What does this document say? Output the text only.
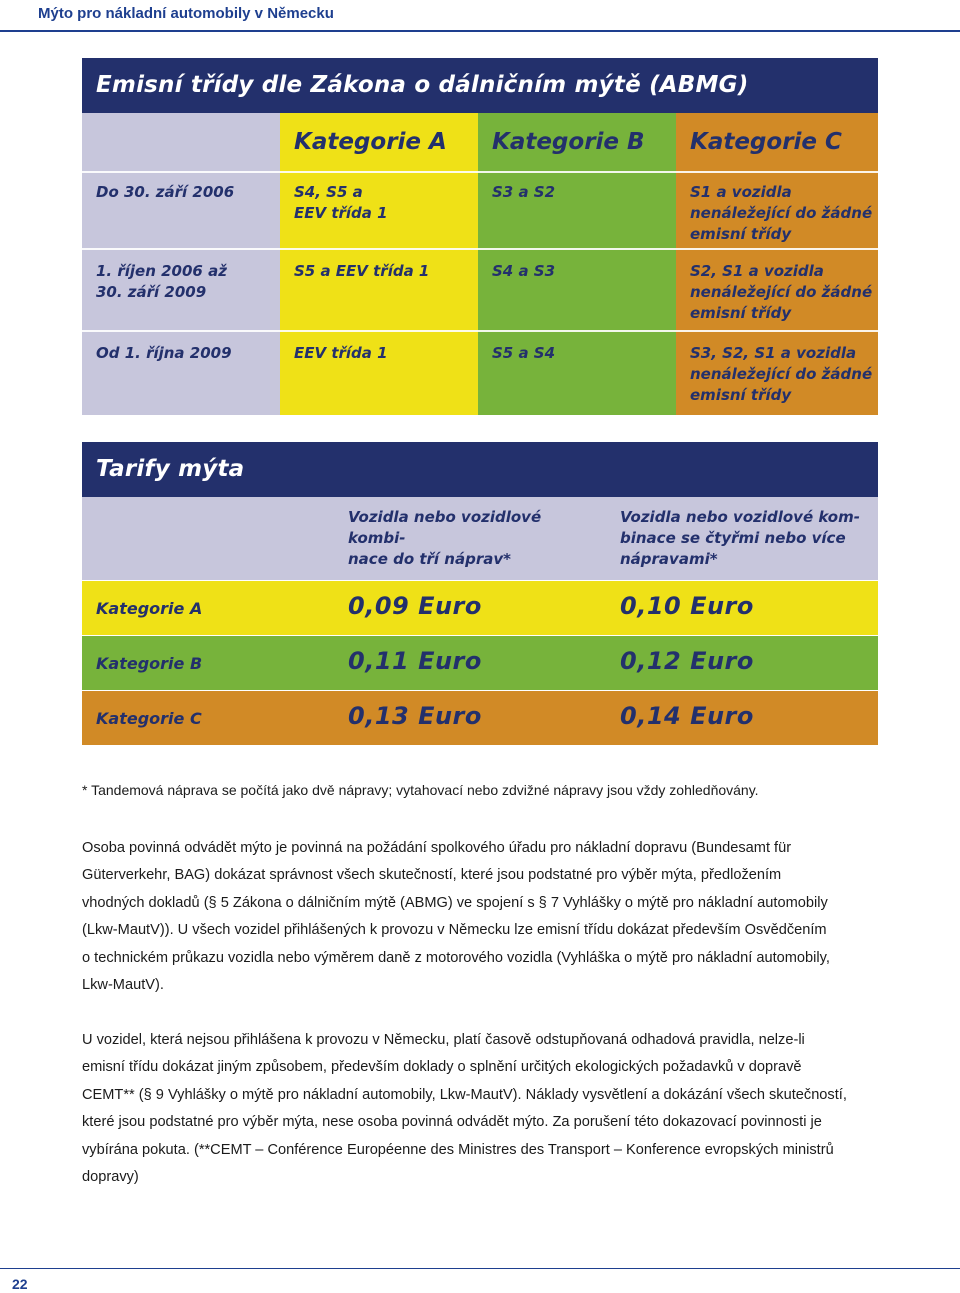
Mýto pro nákladní automobily v Německu
Emisní třídy dle Zákona o dálničním mýtě (ABMG)
Kategorie A	Kategorie B	Kategorie C
Do 30. září 2006	S4, S5 a
EEV třída 1
S3 a S2	S1 a vozidla
nenáležející do žádné
emisní třídy
1. říjen 2006 až
30. září 2009
S5 a EEV třída 1	S4 a S3	S2, S1 a vozidla
nenáležející do žádné
emisní třídy
Od 1. října 2009	EEV třída 1	S5 a S4	S3, S2, S1 a vozidla
nenáležející do žádné
emisní třídy
Tarify mýta
Vozidla nebo vozidlové kombi-
nace do tří náprav*
Vozidla nebo vozidlové kom-
binace se čtyřmi nebo více
nápravami*
Kategorie A	0,09 Euro	0,10 Euro
Kategorie B	0,11 Euro	0,12 Euro
Kategorie C	0,13 Euro	0,14 Euro
* Tandemová náprava se počítá jako dvě nápravy; vytahovací nebo zdvižné nápravy jsou vždy zohledňovány.
Osoba povinná odvádět mýto je povinná na požádání spolkového úřadu pro nákladní dopravu (Bundesamt für
Güterverkehr, BAG) dokázat správnost všech skutečností, které jsou podstatné pro výběr mýta, předložením
vhodných dokladů (§ 5 Zákona o dálničním mýtě (ABMG) ve spojení s § 7 Vyhlášky o mýtě pro nákladní automobily
(Lkw-MautV)). U všech vozidel přihlášených k provozu v Německu lze emisní třídu dokázat především Osvědčením
o technickém průkazu vozidla nebo výměrem daně z motorového vozidla (Vyhláška o mýtě pro nákladní automobily,
Lkw-MautV).
U vozidel, která nejsou přihlášena k provozu v Německu, platí časově odstupňovaná odhadová pravidla, nelze-li
emisní třídu dokázat jiným způsobem, především doklady o splnění určitých ekologických požadavků v dopravě
CEMT** (§ 9 Vyhlášky o mýtě pro nákladní automobily, Lkw-MautV). Náklady vysvětlení a dokázání všech skutečností,
které jsou podstatné pro výběr mýta, nese osoba povinná odvádět mýto. Za porušení této dokazovací povinnosti je
vybírána pokuta. (**CEMT – Conférence Européenne des Ministres des Transport – Konference evropských ministrů
dopravy)
22
